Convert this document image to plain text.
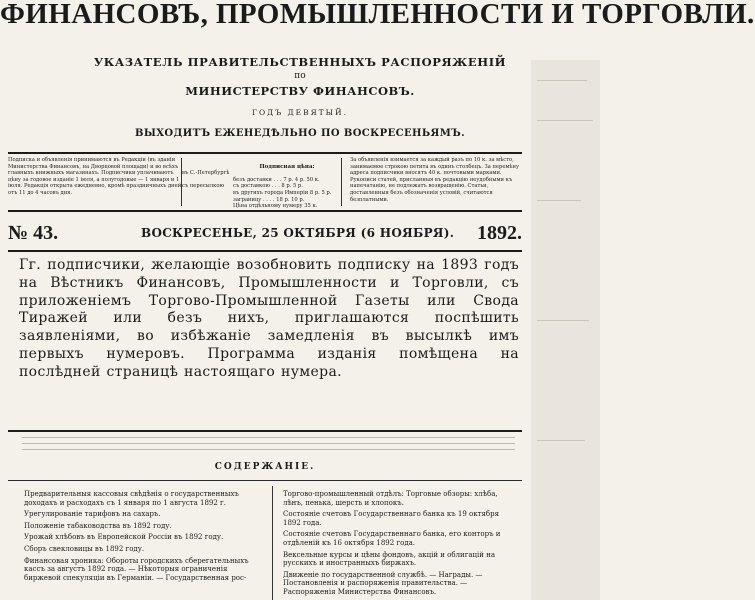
ФИНАНСОВЪ, ПРОМЫШЛЕННОСТИ И ТОРГОВЛИ.
УКАЗАТЕЛЬ ПРАВИТЕЛЬСТВЕННЫХЪ РАСПОРЯЖЕНІЙ
по
МИНИСТЕРСТВУ ФИНАНСОВЪ.
ГОДЪ ДЕВЯТЫЙ.
ВЫХОДИТЪ ЕЖЕНЕДѢЛЬНО ПО ВОСКРЕСЕНЬЯМЪ.
Подписка и объявленія принимаются въ Редакціи (въ зданіи Министерства Финансовъ, на Дворцовой площади) и во всѣхъ главныхъ книжныхъ магазинахъ. Подписчики уплачиваютъ цѣну за годовое изданіе 1 іюля, а полугодовые — 1 января и 1 іюля. Редакція открыта ежедневно, кромѣ праздничныхъ дней, отъ 11 до 4 часовъ дня.
въ С.-Петербургѣ

съ пересылкою

Подписная цѣна:

безъ доставки . . . 7 р. 4 р. 50 к.
съ доставкою . . . 8 р. 5 р.
въ другихъ города Имперіи 8 р. 5 р.
заграницу . . . . 18 р. 10 р.
Цѣна отдѣльному нумеру 35 к.

За объявленія взимается за каждый разъ по 10 к. за мѣсто, занимаемое строкою петита въ одинъ столбецъ. За перемѣну адреса подписчики вносятъ 40 к. почтовыми марками. Рукописи статей, присланныя въ редакцію неудобными къ напечатанію, не подлежатъ возвращенію. Статьи, доставленныя безъ обозначенія условій, считаются безплатными.
№ 43.	ВОСКРЕСЕНЬЕ, 25 ОКТЯБРЯ (6 НОЯБРЯ). 1892.
Гг. подписчики, желающіе возобновить подписку на 1893 годъ на Вѣстникъ Финансовъ, Промышленности и Торговли, съ приложеніемъ Торгово-Промышленной Газеты или Свода Тиражей или безъ нихъ, приглашаются поспѣшить заявленіями, во избѣжаніе замедленія въ высылкѣ имъ первыхъ нумеровъ. Программа изданія помѣщена на послѣдней страницѣ настоящаго нумера.
СОДЕРЖАНІЕ.
Предварительныя кассовыя свѣдѣнія о государственныхъ доходахъ и расходахъ съ 1 января по 1 августа 1892 г.
Урегулированіе тарифовъ на сахаръ.
Положеніе табаководства въ 1892 году.
Урожай хлѣбовъ въ Европейской Россіи въ 1892 году.
Сборъ свекловицы въ 1892 году.
Финансовая хроника: Обороты городскихъ сберегательныхъ кассъ за августъ 1892 года. — Нѣкоторыя ограниченія биржевой спекуляціи въ Германіи. — Государственная рос-
Торгово-промышленный отдѣлъ: Торговые обзоры: хлѣба, лѣнъ, пенька, шерсть и хлопокъ.
Состояніе счетовъ Государственнаго банка къ 19 октября 1892 года.
Состояніе счетовъ Государственнаго банка, его конторъ и отдѣленій къ 16 октября 1892 года.
Вексельные курсы и цѣны фондовъ, акцій и облигацій на русскихъ и иностранныхъ биржахъ.
Движеніе по государственной службѣ. — Награды. — Постановленія и распоряженія правительства. — Распоряженія Министерства Финансовъ.
